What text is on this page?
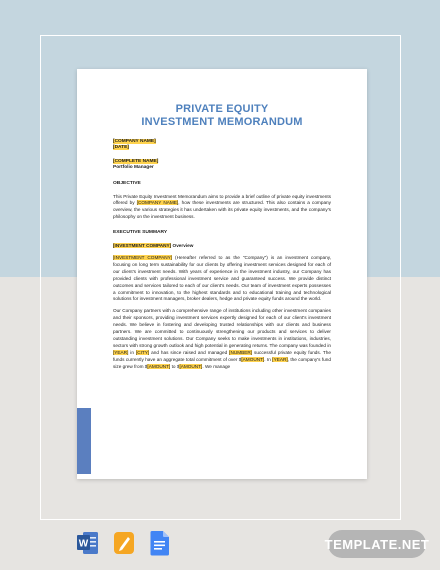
PRIVATE EQUITY
INVESTMENT MEMORANDUM
[COMPANY NAME]
[DATE]
[COMPLETE NAME]
Portfolio Manager
OBJECTIVE
This Private Equity Investment Memorandum aims to provide a brief outline of private equity investments offered by [COMPANY NAME], how these investments are structured. This also contains a company overview, the various strategies it has undertaken with its private equity investments, and the company's philosophy on the investment business.
EXECUTIVE SUMMARY
[INVESTMENT COMPANY] Overview
[INVESTMENT COMPANY] (Hereafter referred to as the "Company") is an investment company, focusing on long term sustainability for our clients by offering investment services designed for each of our client's investment needs. With years of experience in the investment industry, our Company has provided clients with professional investment service and guaranteed success. We provide distinct outcomes and services tailored to each of our client's needs. Our team of investment experts possesses a commitment to innovation, to the highest standards and to educational training and technological solutions for investment managers, broker dealers, hedge and private equity funds around the world.
Our Company partners with a comprehensive range of institutions including other investment companies and their sponsors, providing investment services expertly designed for each of our client's investment needs. We believe in fostering and developing trusted relationships with our clients and business partners. We are committed to continuously strengthening our products and services to deliver outstanding investment solutions. Our Company seeks to make investments in institutions, industries, sectors with strong growth outlook and high potential in generating returns. The company was founded in [YEAR] in [CITY] and has since raised and managed [NUMBER] successful private equity funds. The funds currently have an aggregate total commitment of over $[AMOUNT]. In [YEAR], the company's fund size grew from $[AMOUNT] to $[AMOUNT]. We manage
W	TEMPLATE.NET
